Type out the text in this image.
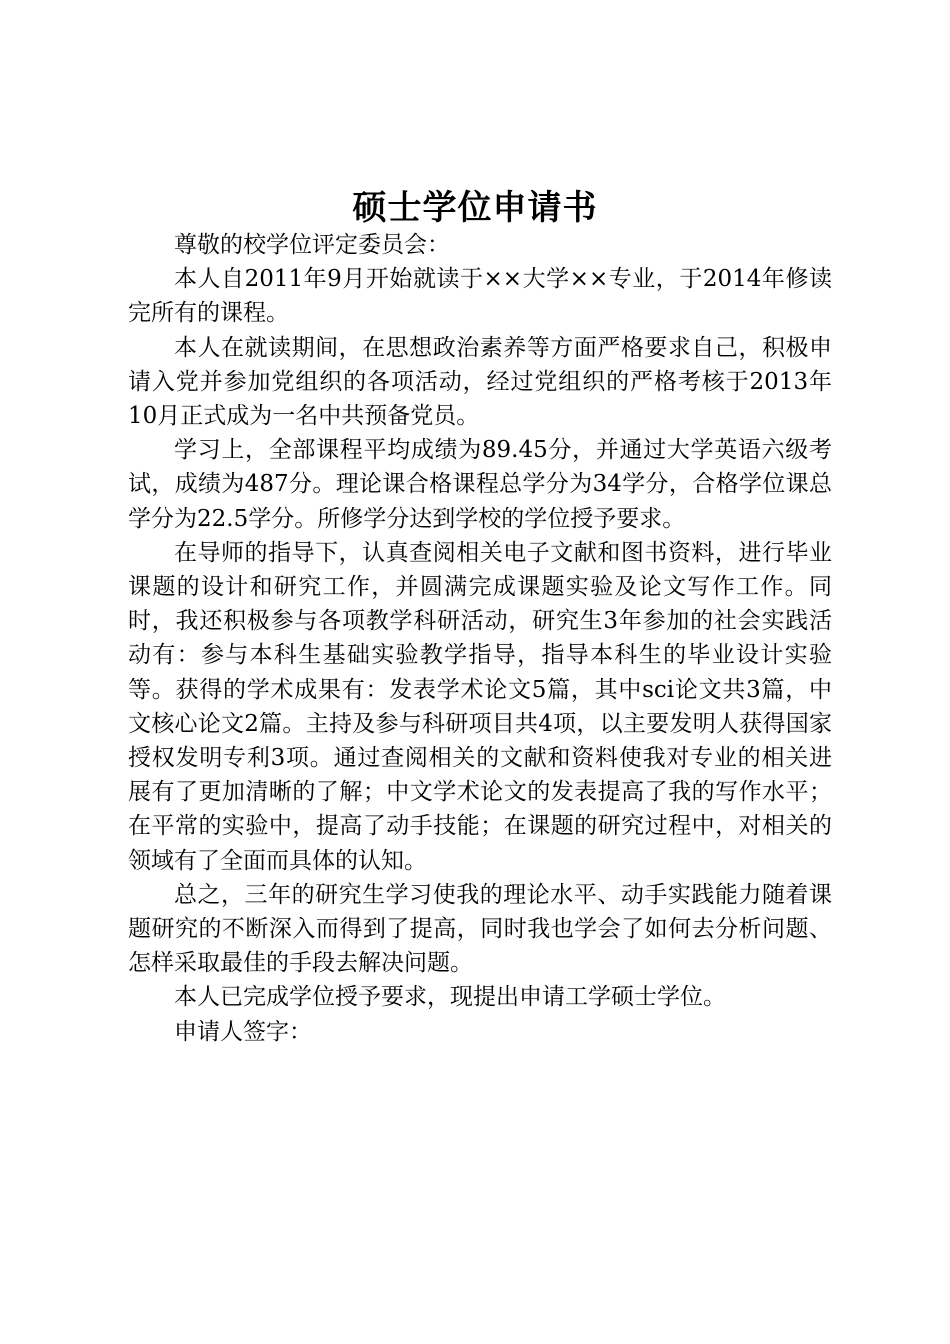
硕士学位申请书

尊敬的校学位评定委员会：

本人自2011年9月开始就读于××大学××专业，于2014年修读完所有的课程。

本人在就读期间，在思想政治素养等方面严格要求自己，积极申请入党并参加党组织的各项活动，经过党组织的严格考核于2013年10月正式成为一名中共预备党员。

学习上，全部课程平均成绩为89.45分，并通过大学英语六级考试，成绩为487分。理论课合格课程总学分为34学分，合格学位课总学分为22.5学分。所修学分达到学校的学位授予要求。

在导师的指导下，认真查阅相关电子文献和图书资料，进行毕业课题的设计和研究工作，并圆满完成课题实验及论文写作工作。同时，我还积极参与各项教学科研活动，研究生3年参加的社会实践活动有：参与本科生基础实验教学指导，指导本科生的毕业设计实验等。获得的学术成果有：发表学术论文5篇，其中sci论文共3篇，中文核心论文2篇。主持及参与科研项目共4项，以主要发明人获得国家授权发明专利3项。通过查阅相关的文献和资料使我对专业的相关进展有了更加清晰的了解；中文学术论文的发表提高了我的写作水平；在平常的实验中，提高了动手技能；在课题的研究过程中，对相关的领域有了全面而具体的认知。

总之，三年的研究生学习使我的理论水平、动手实践能力随着课题研究的不断深入而得到了提高，同时我也学会了如何去分析问题、怎样采取最佳的手段去解决问题。

本人已完成学位授予要求，现提出申请工学硕士学位。

申请人签字：
